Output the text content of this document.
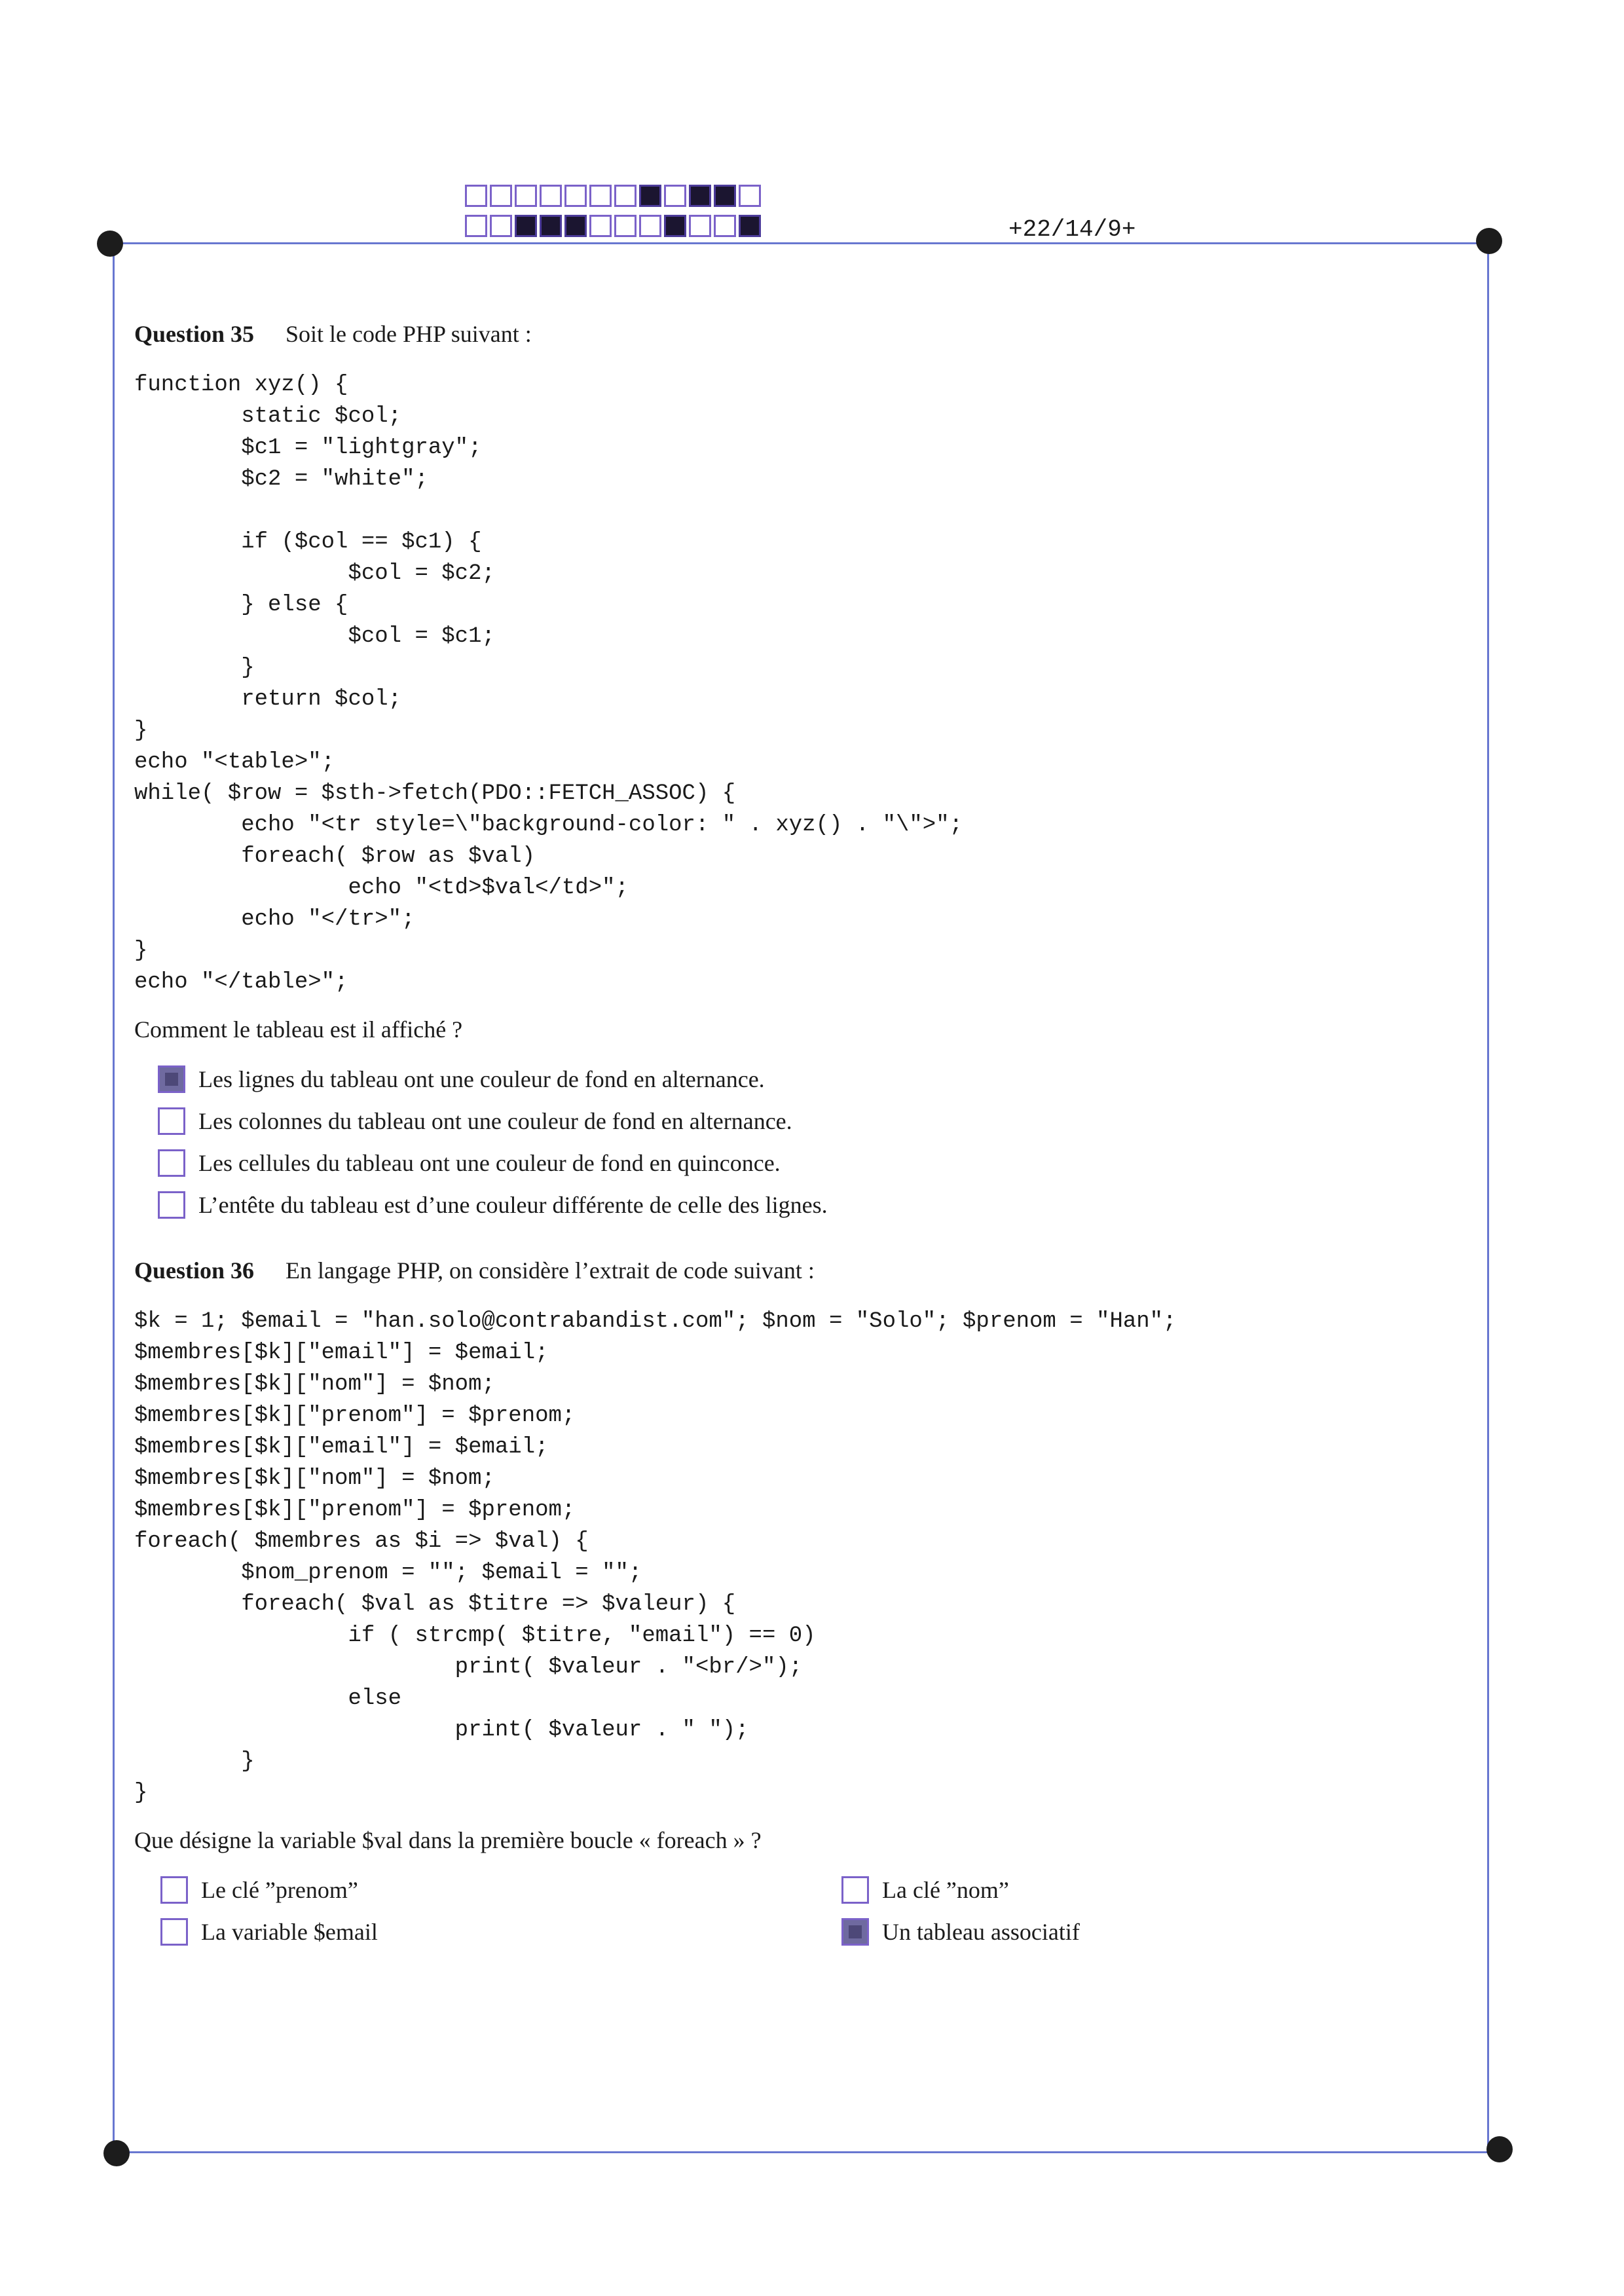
+22/14/9+
Question 35 Soit le code PHP suivant :
function xyz() {
static $col;
$c1 = "lightgray";
$c2 = "white";

if ($col == $c1) {
$col = $c2;
} else {
$col = $c1;
}
return $col;
}
echo "<table>";
while( $row = $sth->fetch(PDO::FETCH_ASSOC) {
echo "<tr style=\"background-color: " . xyz() . "\">";
foreach( $row as $val)
echo "<td>$val</td>";
echo "</tr>";
}
echo "</table>";
Comment le tableau est il affiché ?
Les lignes du tableau ont une couleur de fond en alternance.
Les colonnes du tableau ont une couleur de fond en alternance.
Les cellules du tableau ont une couleur de fond en quinconce.
L’entête du tableau est d’une couleur différente de celle des lignes.
Question 36 En langage PHP, on considère l’extrait de code suivant :
$k = 1; $email = "han.solo@contrabandist.com"; $nom = "Solo"; $prenom = "Han";
$membres[$k]["email"] = $email;
$membres[$k]["nom"] = $nom;
$membres[$k]["prenom"] = $prenom;
$membres[$k]["email"] = $email;
$membres[$k]["nom"] = $nom;
$membres[$k]["prenom"] = $prenom;
foreach( $membres as $i => $val) {
$nom_prenom = ""; $email = "";
foreach( $val as $titre => $valeur) {
if ( strcmp( $titre, "email") == 0)
print( $valeur . "<br/>");
else
print( $valeur . " ");
}
}
Que désigne la variable $val dans la première boucle « foreach » ?
Le clé ”prenom”	La clé ”nom”
La variable $email	Un tableau associatif
